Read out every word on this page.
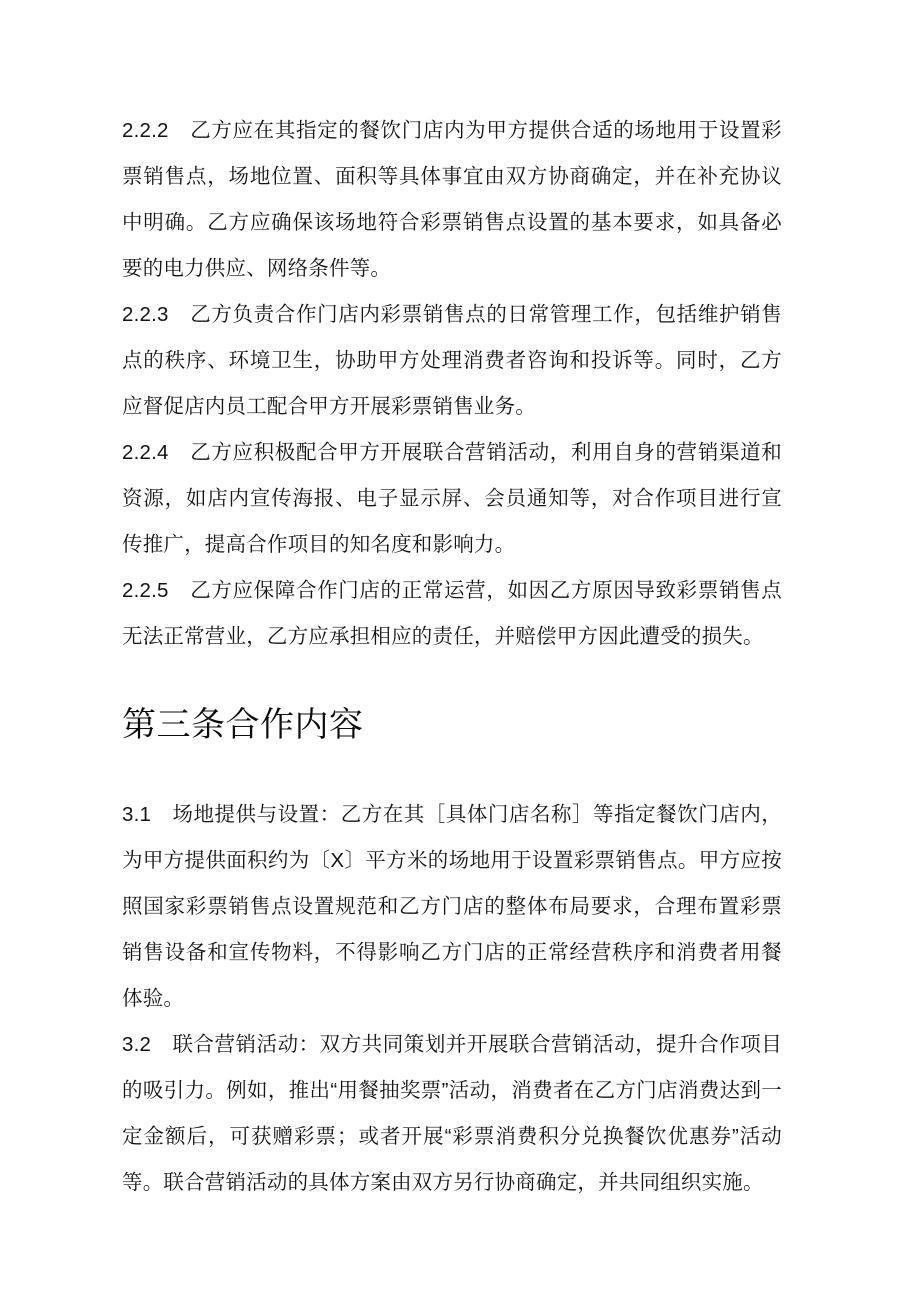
2.2.2　乙方应在其指定的餐饮门店内为甲方提供合适的场地用于设置彩票销售点，场地位置、面积等具体事宜由双方协商确定，并在补充协议中明确。乙方应确保该场地符合彩票销售点设置的基本要求，如具备必要的电力供应、网络条件等。

2.2.3　乙方负责合作门店内彩票销售点的日常管理工作，包括维护销售点的秩序、环境卫生，协助甲方处理消费者咨询和投诉等。同时，乙方应督促店内员工配合甲方开展彩票销售业务。

2.2.4　乙方应积极配合甲方开展联合营销活动，利用自身的营销渠道和资源，如店内宣传海报、电子显示屏、会员通知等，对合作项目进行宣传推广，提高合作项目的知名度和影响力。

2.2.5　乙方应保障合作门店的正常运营，如因乙方原因导致彩票销售点无法正常营业，乙方应承担相应的责任，并赔偿甲方因此遭受的损失。

第三条合作内容

3.1　场地提供与设置：乙方在其［具体门店名称］等指定餐饮门店内，为甲方提供面积约为〔X〕平方米的场地用于设置彩票销售点。甲方应按照国家彩票销售点设置规范和乙方门店的整体布局要求，合理布置彩票销售设备和宣传物料，不得影响乙方门店的正常经营秩序和消费者用餐体验。

3.2　联合营销活动：双方共同策划并开展联合营销活动，提升合作项目的吸引力。例如，推出“用餐抽奖票”活动，消费者在乙方门店消费达到一定金额后，可获赠彩票；或者开展“彩票消费积分兑换餐饮优惠券”活动等。联合营销活动的具体方案由双方另行协商确定，并共同组织实施。
